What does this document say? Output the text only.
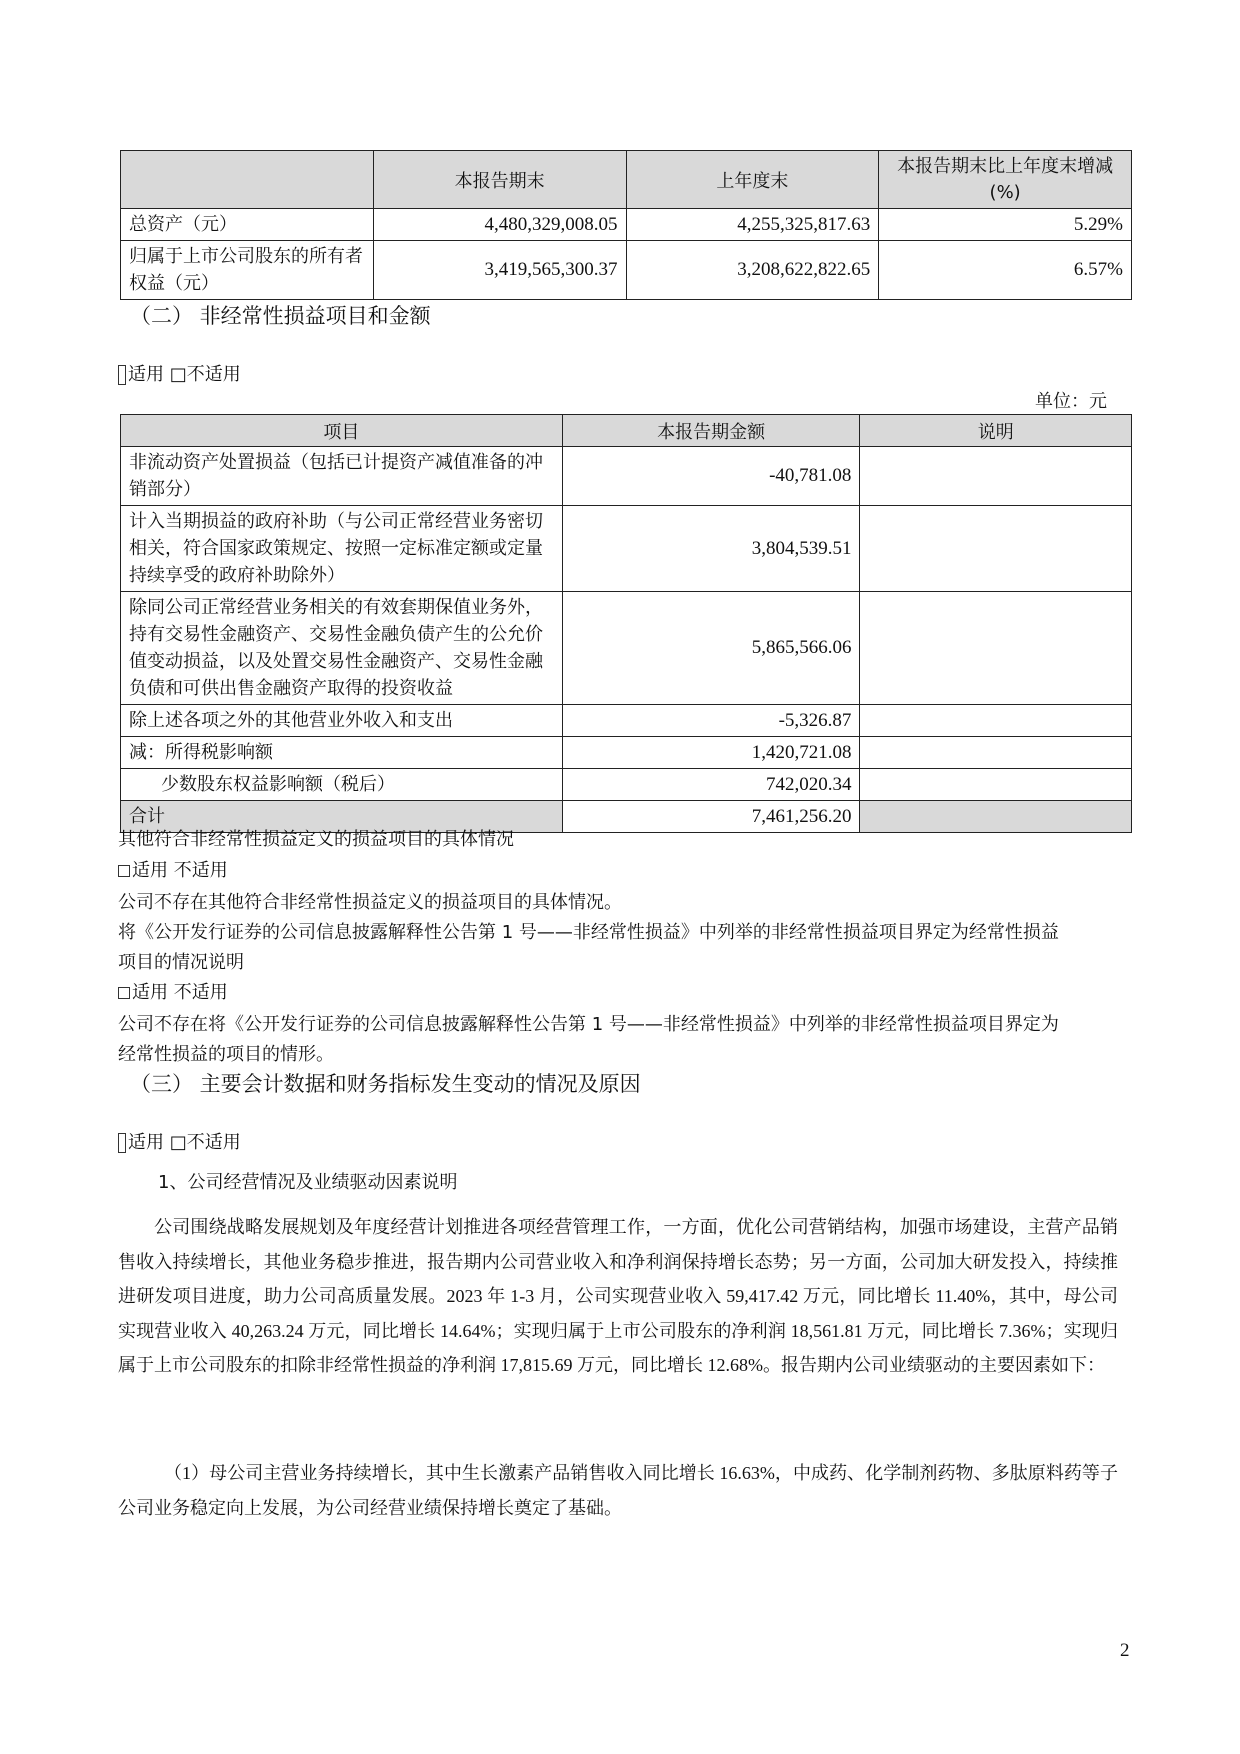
	本报告期末	上年度末	本报告期末比上年度末增减(%)
总资产（元）	4,480,329,008.05	4,255,325,817.63	5.29%
归属于上市公司股东的所有者权益（元）	3,419,565,300.37	3,208,622,822.65	6.57%
（二） 非经常性损益项目和金额
适用 □不适用
单位：元
项目	本报告期金额	说明
非流动资产处置损益（包括已计提资产减值准备的冲销部分）	-40,781.08	
计入当期损益的政府补助（与公司正常经营业务密切相关，符合国家政策规定、按照一定标准定额或定量持续享受的政府补助除外）	3,804,539.51	
除同公司正常经营业务相关的有效套期保值业务外，持有交易性金融资产、交易性金融负债产生的公允价值变动损益，以及处置交易性金融资产、交易性金融负债和可供出售金融资产取得的投资收益	5,865,566.06	
除上述各项之外的其他营业外收入和支出	-5,326.87	
减：所得税影响额	1,420,721.08	
少数股东权益影响额（税后）	742,020.34	
合计	7,461,256.20	
其他符合非经常性损益定义的损益项目的具体情况
适用 不适用
公司不存在其他符合非经常性损益定义的损益项目的具体情况。
将《公开发行证券的公司信息披露解释性公告第 1 号——非经常性损益》中列举的非经常性损益项目界定为经常性损益
项目的情况说明
适用 不适用
公司不存在将《公开发行证券的公司信息披露解释性公告第 1 号——非经常性损益》中列举的非经常性损益项目界定为
经常性损益的项目的情形。
（三） 主要会计数据和财务指标发生变动的情况及原因
适用 □不适用
1、公司经营情况及业绩驱动因素说明
公司围绕战略发展规划及年度经营计划推进各项经营管理工作，一方面，优化公司营销结构，加强市场建设，主营产品销售收入持续增长，其他业务稳步推进，报告期内公司营业收入和净利润保持增长态势；另一方面，公司加大研发投入，持续推进研发项目进度，助力公司高质量发展。2023 年 1-3 月，公司实现营业收入 59,417.42 万元，同比增长 11.40%，其中，母公司实现营业收入 40,263.24 万元，同比增长 14.64%；实现归属于上市公司股东的净利润 18,561.81 万元，同比增长 7.36%；实现归属于上市公司股东的扣除非经常性损益的净利润 17,815.69 万元，同比增长 12.68%。报告期内公司业绩驱动的主要因素如下：
（1）母公司主营业务持续增长，其中生长激素产品销售收入同比增长 16.63%，中成药、化学制剂药物、多肽原料药等子公司业务稳定向上发展，为公司经营业绩保持增长奠定了基础。
2
